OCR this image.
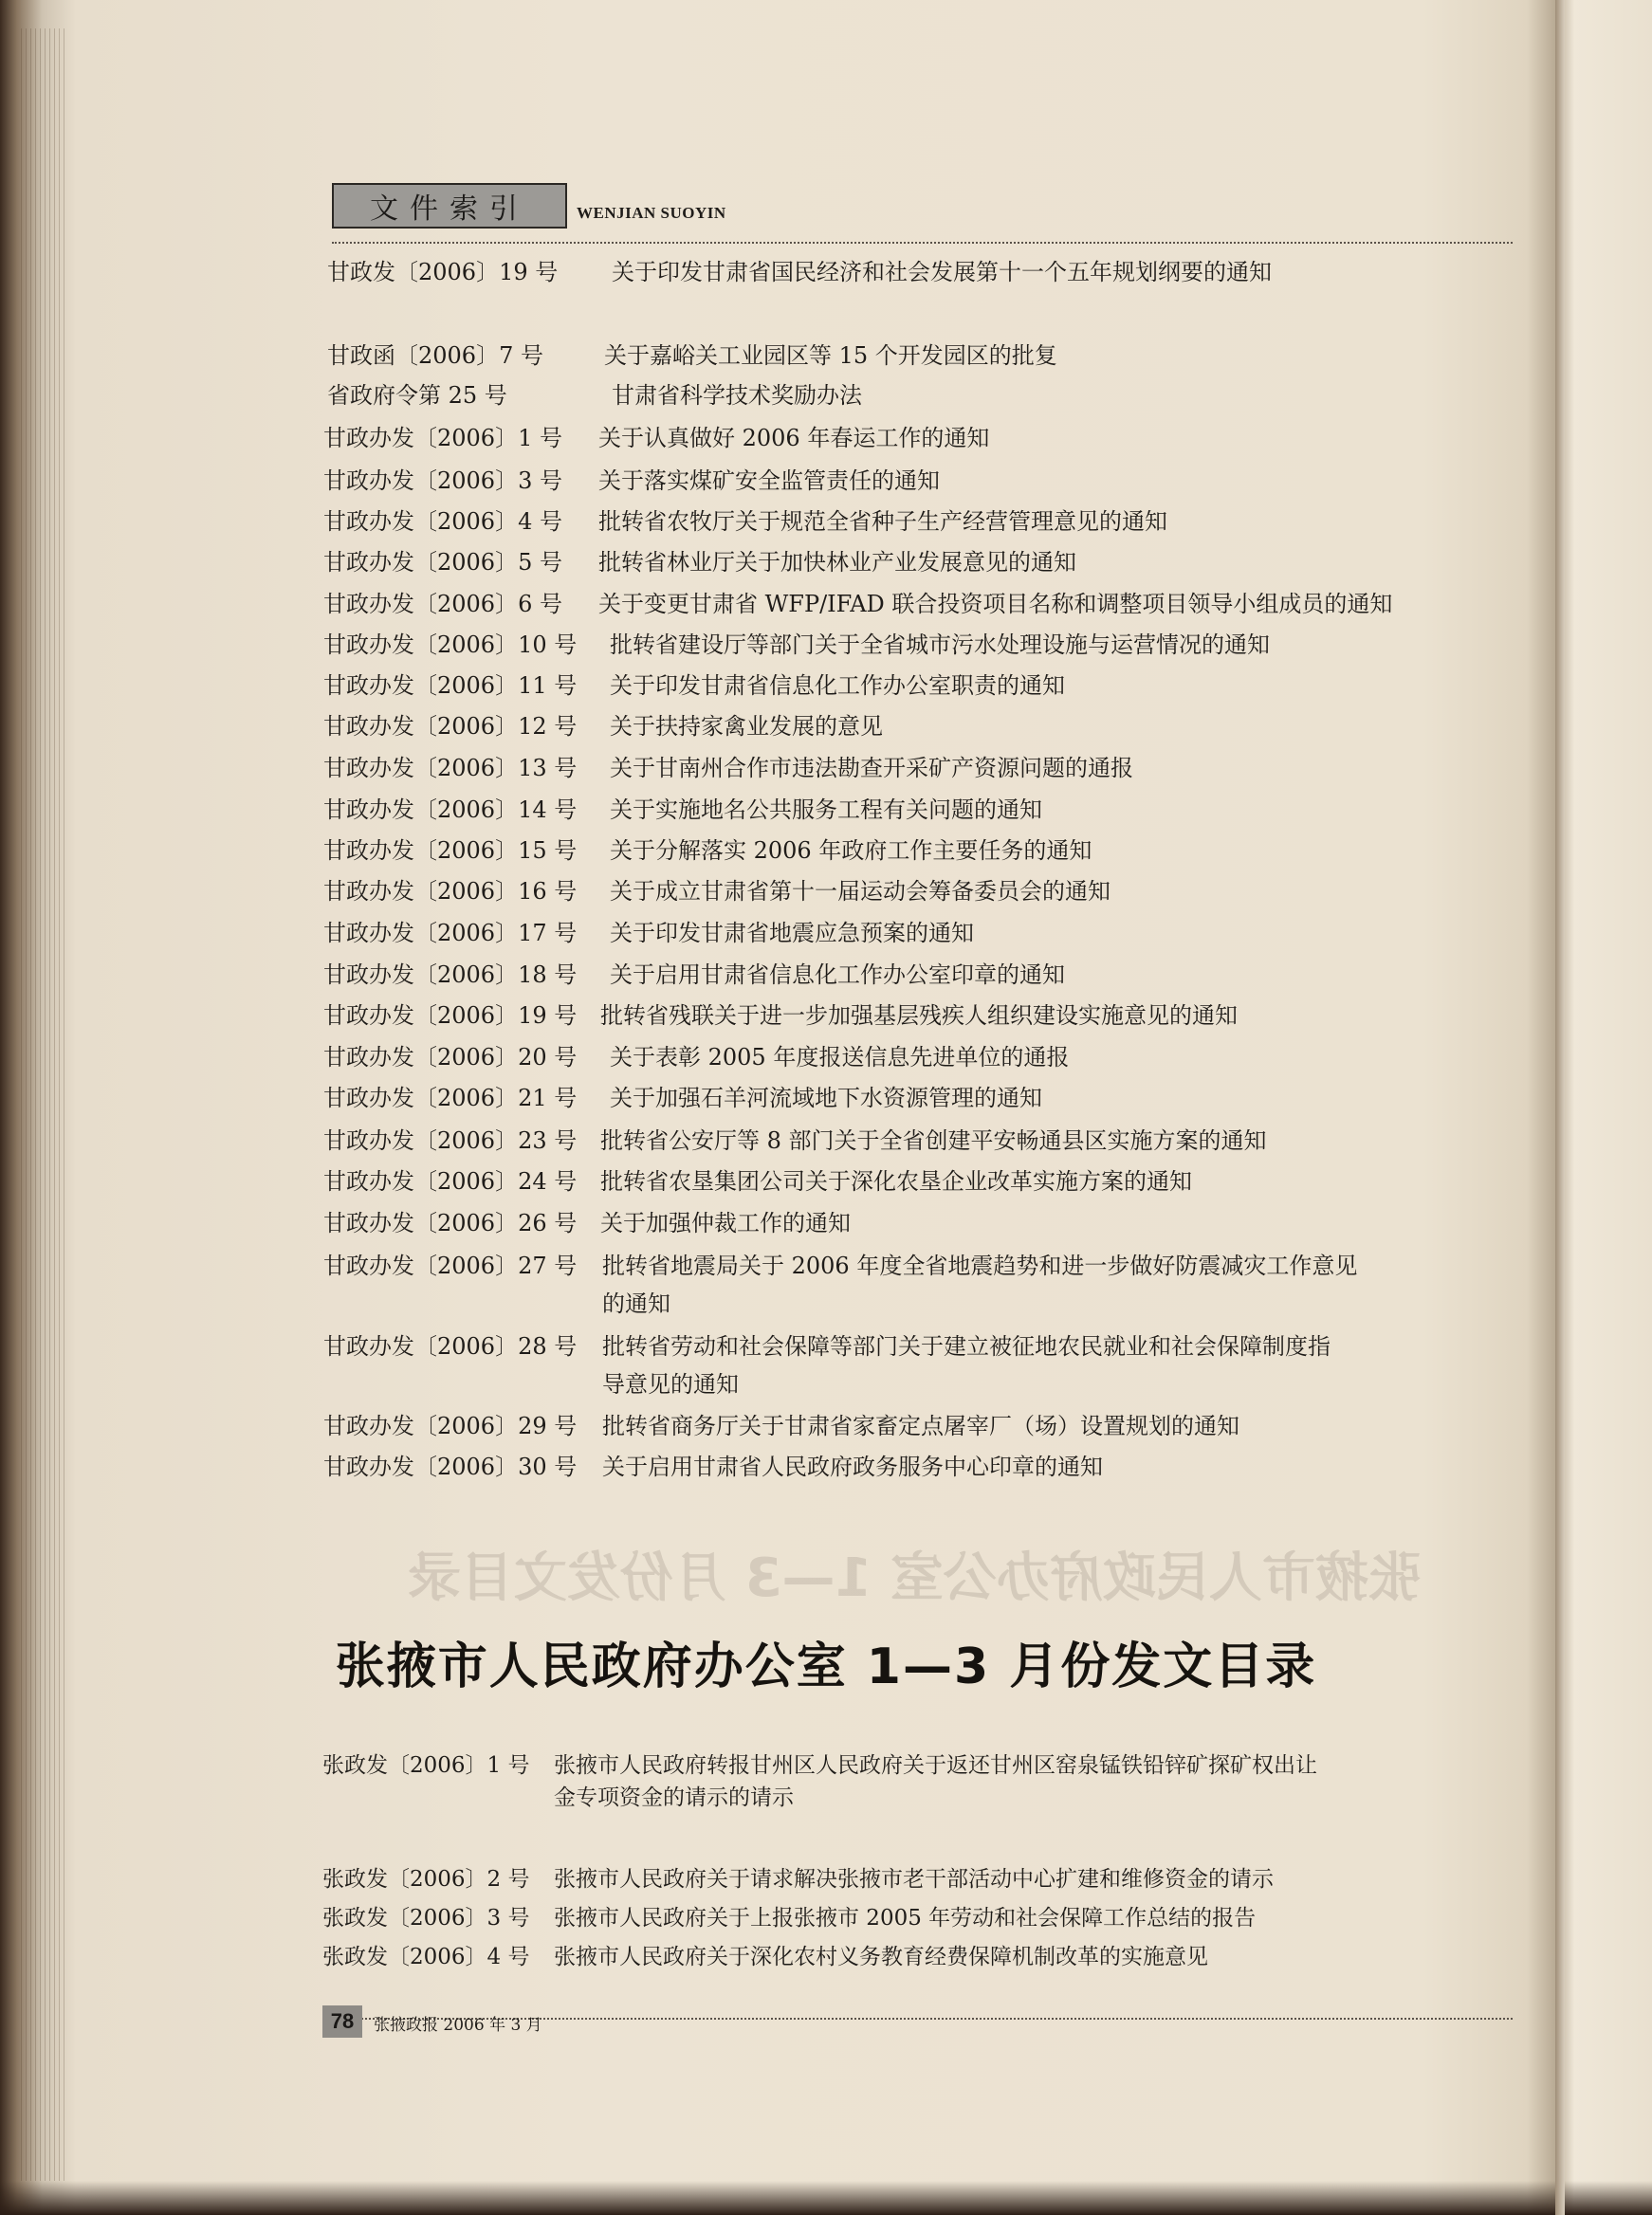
文件索引	WENJIAN SUOYIN
甘政发〔2006〕19 号 关于印发甘肃省国民经济和社会发展第十一个五年规划纲要的通知
甘政函〔2006〕7 号	关于嘉峪关工业园区等 15 个开发园区的批复
省政府令第 25 号	甘肃省科学技术奖励办法
甘政办发〔2006〕1 号 关于认真做好 2006 年春运工作的通知
甘政办发〔2006〕3 号 关于落实煤矿安全监管责任的通知
甘政办发〔2006〕4 号 批转省农牧厅关于规范全省种子生产经营管理意见的通知
甘政办发〔2006〕5 号 批转省林业厅关于加快林业产业发展意见的通知
甘政办发〔2006〕6 号 关于变更甘肃省 WFP/IFAD 联合投资项目名称和调整项目领导小组成员的通知
甘政办发〔2006〕10 号 批转省建设厅等部门关于全省城市污水处理设施与运营情况的通知
甘政办发〔2006〕11 号 关于印发甘肃省信息化工作办公室职责的通知
甘政办发〔2006〕12 号 关于扶持家禽业发展的意见
甘政办发〔2006〕13 号 关于甘南州合作市违法勘查开采矿产资源问题的通报
甘政办发〔2006〕14 号 关于实施地名公共服务工程有关问题的通知
甘政办发〔2006〕15 号 关于分解落实 2006 年政府工作主要任务的通知
甘政办发〔2006〕16 号 关于成立甘肃省第十一届运动会筹备委员会的通知
甘政办发〔2006〕17 号 关于印发甘肃省地震应急预案的通知
甘政办发〔2006〕18 号 关于启用甘肃省信息化工作办公室印章的通知
甘政办发〔2006〕19 号 批转省残联关于进一步加强基层残疾人组织建设实施意见的通知
甘政办发〔2006〕20 号 关于表彰 2005 年度报送信息先进单位的通报
甘政办发〔2006〕21 号 关于加强石羊河流域地下水资源管理的通知
甘政办发〔2006〕23 号 批转省公安厅等 8 部门关于全省创建平安畅通县区实施方案的通知
甘政办发〔2006〕24 号 批转省农垦集团公司关于深化农垦企业改革实施方案的通知
甘政办发〔2006〕26 号 关于加强仲裁工作的通知
甘政办发〔2006〕27 号 批转省地震局关于 2006 年度全省地震趋势和进一步做好防震减灾工作意见
的通知
甘政办发〔2006〕28 号 批转省劳动和社会保障等部门关于建立被征地农民就业和社会保障制度指
导意见的通知
甘政办发〔2006〕29 号 批转省商务厅关于甘肃省家畜定点屠宰厂（场）设置规划的通知
甘政办发〔2006〕30 号 关于启用甘肃省人民政府政务服务中心印章的通知
张掖市人民政府办公室 1—3 月份发文目录
张掖市人民政府办公室 1—3 月份发文目录
张政发〔2006〕1 号 张掖市人民政府转报甘州区人民政府关于返还甘州区窑泉锰铁铅锌矿探矿权出让
金专项资金的请示的请示
张政发〔2006〕2 号 张掖市人民政府关于请求解决张掖市老干部活动中心扩建和维修资金的请示
张政发〔2006〕3 号 张掖市人民政府关于上报张掖市 2005 年劳动和社会保障工作总结的报告
张政发〔2006〕4 号 张掖市人民政府关于深化农村义务教育经费保障机制改革的实施意见
78	张掖政报 2006 年 3 月
